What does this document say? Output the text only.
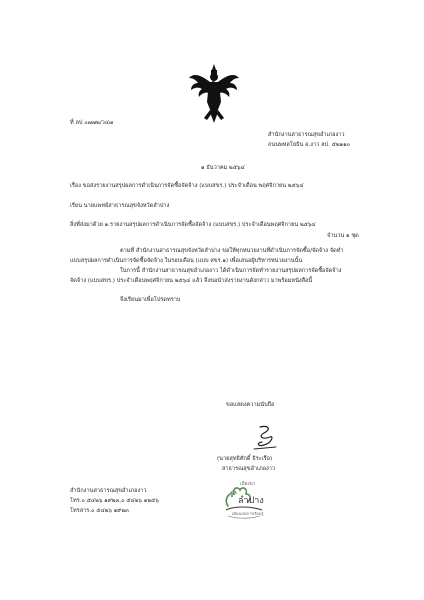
ที่ ลป ๐๗๗๒/ว๔๗
สำนักงานสาธารณสุขอำเภองาว
ถนนพหลโยธิน อ.งาว ลป. ๕๒๑๑๐
๑ ธันวาคม ๒๕๖๔
เรื่อง ขอส่งรายงานสรุปผลการดำเนินการจัดซื้อจัดจ้าง (แบบสขร.) ประจำเดือน พฤศจิกายน ๒๕๖๔
เรียน นายแพทย์สาธารณสุขจังหวัดลำปาง
สิ่งที่ส่งมาด้วย ๑.รายงานสรุปผลการดำเนินการจัดซื้อจัดจ้าง (แบบสขร.) ประจำเดือนพฤศจิกายน ๒๕๖๔
จำนวน ๑ ชุด
ตามที่ สำนักงานสาธารณสุขจังหวัดลำปาง ขอให้ทุกหน่วยงานที่ดำเนินการจัดซื้อ/จัดจ้าง จัดทำ
แบบสรุปผลการดำเนินการจัดซื้อจัดจ้าง ในรอบเดือน (แบบ สขร.๑) เพื่อเสนอผู้บริหารหน่วยงานนั้น
ในการนี้ สำนักงานสาธารณสุขอำเภองาว ได้ดำเนินการจัดทำรายงานสรุปผลการจัดซื้อจัดจ้าง
จัดจ้าง (แบบสขร.) ประจำเดือนพฤศจิกายน ๒๕๖๔ แล้ว จึงขอนำส่งรายงานดังกล่าว มาพร้อมหนังสือนี้
จึงเรียนมาเพื่อโปรดทราบ
ขอแสดงความนับถือ
(นายสุทธิศักดิ์ ธิระเรือ)
สาธารณสุขอำเภองาว
สำนักงานสาธารณสุขอำเภองาว
โทร.๐ ๕๔๒๖ ๑๙๒๓,๐ ๕๔๒๖ ๑๒๕๖
โทรสาร.๐ ๕๔๒๖ ๑๙๒๓
เมืองน่า
ลำปาง
เมืองแห่งการเรียนรู้
